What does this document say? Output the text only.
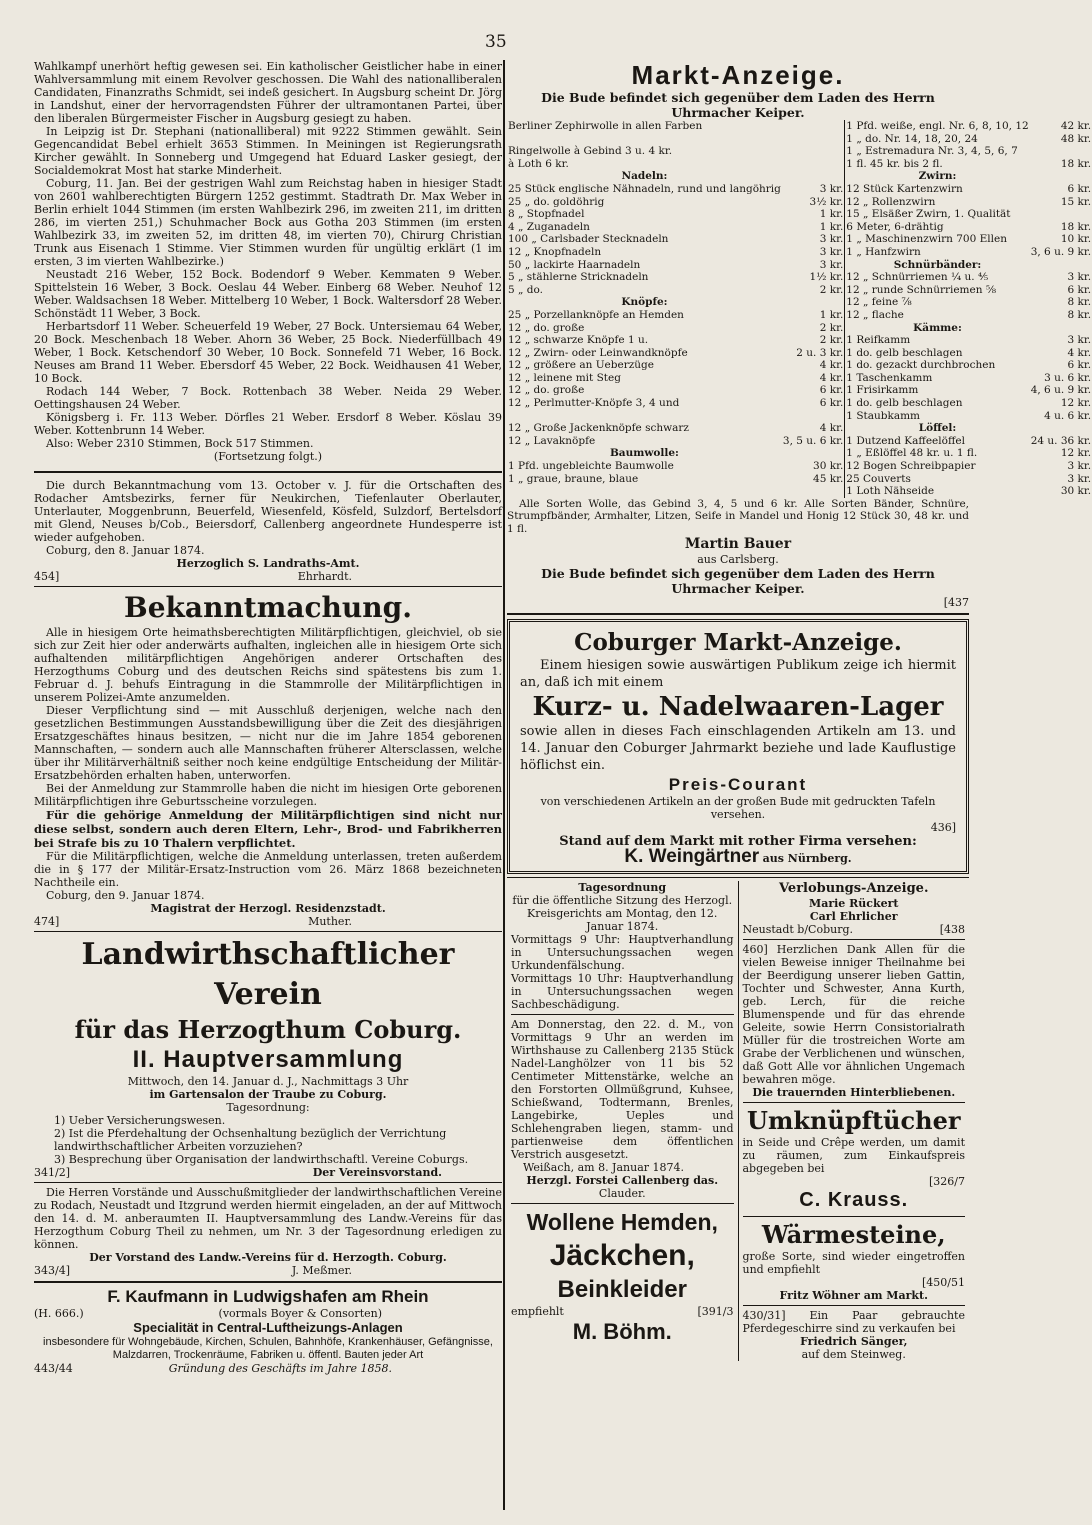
35
Wahlkampf unerhört heftig gewesen sei. Ein katholischer Geistlicher habe in einer Wahlversammlung mit einem Revolver geschossen. Die Wahl des nationalliberalen Candidaten, Finanzraths Schmidt, sei indeß gesichert. In Augsburg scheint Dr. Jörg in Landshut, einer der hervorragendsten Führer der ultramontanen Partei, über den liberalen Bürgermeister Fischer in Augsburg gesiegt zu haben.
In Leipzig ist Dr. Stephani (nationalliberal) mit 9222 Stimmen gewählt. Sein Gegencandidat Bebel erhielt 3653 Stimmen. In Meiningen ist Regierungsrath Kircher gewählt. In Sonneberg und Umgegend hat Eduard Lasker gesiegt, der Socialdemokrat Most hat starke Minderheit.
Coburg, 11. Jan. Bei der gestrigen Wahl zum Reichstag haben in hiesiger Stadt von 2601 wahlberechtigten Bürgern 1252 gestimmt. Stadtrath Dr. Max Weber in Berlin erhielt 1044 Stimmen (im ersten Wahlbezirk 296, im zweiten 211, im dritten 286, im vierten 251,) Schuhmacher Bock aus Gotha 203 Stimmen (im ersten Wahlbezirk 33, im zweiten 52, im dritten 48, im vierten 70), Chirurg Christian Trunk aus Eisenach 1 Stimme. Vier Stimmen wurden für ungültig erklärt (1 im ersten, 3 im vierten Wahlbezirke.)
Neustadt 216 Weber, 152 Bock. Bodendorf 9 Weber. Kemmaten 9 Weber. Spittelstein 16 Weber, 3 Bock. Oeslau 44 Weber. Einberg 68 Weber. Neuhof 12 Weber. Waldsachsen 18 Weber. Mittelberg 10 Weber, 1 Bock. Waltersdorf 28 Weber. Schönstädt 11 Weber, 3 Bock.
Herbartsdorf 11 Weber. Scheuerfeld 19 Weber, 27 Bock. Untersiemau 64 Weber, 20 Bock. Meschenbach 18 Weber. Ahorn 36 Weber, 25 Bock. Niederfüllbach 49 Weber, 1 Bock. Ketschendorf 30 Weber, 10 Bock. Sonnefeld 71 Weber, 16 Bock. Neuses am Brand 11 Weber. Ebersdorf 45 Weber, 22 Bock. Weidhausen 41 Weber, 10 Bock.
Rodach 144 Weber, 7 Bock. Rottenbach 38 Weber. Neida 29 Weber. Oettingshausen 24 Weber.
Königsberg i. Fr. 113 Weber. Dörfles 21 Weber. Ersdorf 8 Weber. Köslau 39 Weber. Kottenbrunn 14 Weber.
Also: Weber 2310 Stimmen, Bock 517 Stimmen.
(Fortsetzung folgt.)
Die durch Bekanntmachung vom 13. October v. J. für die Ortschaften des Rodacher Amtsbezirks, ferner für Neukirchen, Tiefenlauter Oberlauter, Unterlauter, Moggenbrunn, Beuerfeld, Wiesenfeld, Kösfeld, Sulzdorf, Bertelsdorf mit Glend, Neuses b/Cob., Beiersdorf, Callenberg angeordnete Hundesperre ist wieder aufgehoben.
Coburg, den 8. Januar 1874.
Herzoglich S. Landraths-Amt.
454]	Ehrhardt.
Bekanntmachung.
Alle in hiesigem Orte heimathsberechtigten Militärpflichtigen, gleichviel, ob sie sich zur Zeit hier oder anderwärts aufhalten, ingleichen alle in hiesigem Orte sich aufhaltenden militärpflichtigen Angehörigen anderer Ortschaften des Herzogthums Coburg und des deutschen Reichs sind spätestens bis zum 1. Februar d. J. behufs Eintragung in die Stammrolle der Militärpflichtigen in unserem Polizei-Amte anzumelden.
Dieser Verpflichtung sind — mit Ausschluß derjenigen, welche nach den gesetzlichen Bestimmungen Ausstandsbewilligung über die Zeit des diesjährigen Ersatzgeschäftes hinaus besitzen, — nicht nur die im Jahre 1854 geborenen Mannschaften, — sondern auch alle Mannschaften früherer Altersclassen, welche über ihr Militärverhältniß seither noch keine endgültige Entscheidung der Militär-Ersatzbehörden erhalten haben, unterworfen.
Bei der Anmeldung zur Stammrolle haben die nicht im hiesigen Orte geborenen Militärpflichtigen ihre Geburtsscheine vorzulegen.
Für die gehörige Anmeldung der Militärpflichtigen sind nicht nur diese selbst, sondern auch deren Eltern, Lehr-, Brod- und Fabrikherren bei Strafe bis zu 10 Thalern verpflichtet.
Für die Militärpflichtigen, welche die Anmeldung unterlassen, treten außerdem die in § 177 der Militär-Ersatz-Instruction vom 26. März 1868 bezeichneten Nachtheile ein.
Coburg, den 9. Januar 1874.
Magistrat der Herzogl. Residenzstadt.
474]	Muther.
Landwirthschaftlicher Verein
für das Herzogthum Coburg.
II. Hauptversammlung
Mittwoch, den 14. Januar d. J., Nachmittags 3 Uhr
im Gartensalon der Traube zu Coburg.
Tagesordnung:
1) Ueber Versicherungswesen.
2) Ist die Pferdehaltung der Ochsenhaltung bezüglich der Verrichtung landwirthschaftlicher Arbeiten vorzuziehen?
3) Besprechung über Organisation der landwirthschaftl. Vereine Coburgs.
341/2]	Der Vereinsvorstand.
Die Herren Vorstände und Ausschußmitglieder der landwirthschaftlichen Vereine zu Rodach, Neustadt und Itzgrund werden hiermit eingeladen, an der auf Mittwoch den 14. d. M. anberaumten II. Hauptversammlung des Landw.-Vereins für das Herzogthum Coburg Theil zu nehmen, um Nr. 3 der Tagesordnung erledigen zu können.
Der Vorstand des Landw.-Vereins für d. Herzogth. Coburg.
343/4]	J. Meßmer.
F. Kaufmann in Ludwigshafen am Rhein
(H. 666.)	(vormals Boyer & Consorten)
Specialität in Central-Luftheizungs-Anlagen
insbesondere für Wohngebäude, Kirchen, Schulen, Bahnhöfe, Krankenhäuser, Gefängnisse, Malzdarren, Trockenräume, Fabriken u. öffentl. Bauten jeder Art
443/44	Gründung des Geschäfts im Jahre 1858.
Markt-Anzeige.
Die Bude befindet sich gegenüber dem Laden des Herrn Uhrmacher Keiper.
Berliner Zephirwolle in allen Farben			1 Pfd. weiße, engl. Nr. 6, 8, 10, 12	42 kr.
			1 „ do. Nr. 14, 18, 20, 24	48 kr.
Ringelwolle à Gebind 3 u. 4 kr.			1 „ Estremadura Nr. 3, 4, 5, 6, 7	
à Loth 6 kr.			1 fl. 45 kr. bis 2 fl.	18 kr.
Nadeln:			Zwirn:	
25 Stück englische Nähnadeln, rund und langöhrig	3 kr.		12 Stück Kartenzwirn	6 kr.
25 „ do. goldöhrig	3½ kr.		12 „ Rollenzwirn	15 kr.
8 „ Stopfnadel	1 kr.		15 „ Elsäßer Zwirn, 1. Qualität	
4 „ Zuganadeln	1 kr.		6 Meter, 6-drähtig	18 kr.
100 „ Carlsbader Stecknadeln	3 kr.		1 „ Maschinenzwirn 700 Ellen	10 kr.
12 „ Knopfnadeln	3 kr.		1 „ Hanfzwirn	3, 6 u. 9 kr.
50 „ lackirte Haarnadeln	3 kr.		Schnürbänder:	
5 „ stählerne Stricknadeln	1½ kr.		12 „ Schnürriemen ¼ u. ⅘	3 kr.
5 „ do.	2 kr.		12 „ runde Schnürriemen ⅝	6 kr.
Knöpfe:			12 „ feine ⅞	8 kr.
25 „ Porzellanknöpfe an Hemden	1 kr.		12 „ flache	8 kr.
12 „ do. große	2 kr.		Kämme:	
12 „ schwarze Knöpfe 1 u.	2 kr.		1 Reifkamm	3 kr.
12 „ Zwirn- oder Leinwandknöpfe	2 u. 3 kr.		1 do. gelb beschlagen	4 kr.
12 „ größere an Ueberzüge	4 kr.		1 do. gezackt durchbrochen	6 kr.
12 „ leinene mit Steg	4 kr.		1 Taschenkamm	3 u. 6 kr.
12 „ do. große	6 kr.		1 Frisirkamm	4, 6 u. 9 kr.
12 „ Perlmutter-Knöpfe 3, 4 und	6 kr.		1 do. gelb beschlagen	12 kr.
			1 Staubkamm	4 u. 6 kr.
12 „ Große Jackenknöpfe schwarz	4 kr.		Löffel:	
12 „ Lavaknöpfe	3, 5 u. 6 kr.		1 Dutzend Kaffeelöffel	24 u. 36 kr.
Baumwolle:			1 „ Eßlöffel 48 kr. u. 1 fl.	12 kr.
1 Pfd. ungebleichte Baumwolle	30 kr.		12 Bogen Schreibpapier	3 kr.
1 „ graue, braune, blaue	45 kr.		25 Couverts	3 kr.
			1 Loth Nähseide	30 kr.
Alle Sorten Wolle, das Gebind 3, 4, 5 und 6 kr. Alle Sorten Bänder, Schnüre, Strumpfbänder, Armhalter, Litzen, Seife in Mandel und Honig 12 Stück 30, 48 kr. und 1 fl.
Martin Bauer
aus Carlsberg.
Die Bude befindet sich gegenüber dem Laden des Herrn Uhrmacher Keiper.
[437
Coburger Markt-Anzeige.
Einem hiesigen sowie auswärtigen Publikum zeige ich hiermit an, daß ich mit einem
Kurz- u. Nadelwaaren-Lager
sowie allen in dieses Fach einschlagenden Artikeln am 13. und 14. Januar den Coburger Jahrmarkt beziehe und lade Kauflustige höflichst ein.
Preis-Courant
von verschiedenen Artikeln an der großen Bude mit gedruckten Tafeln versehen.
436]
Stand auf dem Markt mit rother Firma versehen:
K. Weingärtner aus Nürnberg.
Tagesordnung
für die öffentliche Sitzung des Herzogl. Kreisgerichts am Montag, den 12. Januar 1874.
Vormittags 9 Uhr: Hauptverhandlung in Untersuchungssachen wegen Urkundenfälschung.
Vormittags 10 Uhr: Hauptverhandlung in Untersuchungssachen wegen Sachbeschädigung.
Am Donnerstag, den 22. d. M., von Vormittags 9 Uhr an werden im Wirthshause zu Callenberg 2135 Stück Nadel-Langhölzer von 11 bis 52 Centimeter Mittenstärke, welche an den Forstorten Ollmüßgrund, Kuhsee, Schießwand, Todtermann, Brenles, Langebirke, Ueples und Schlehengraben liegen, stamm- und partienweise dem öffentlichen Verstrich ausgesetzt.
Weißach, am 8. Januar 1874.
Herzgl. Forstei Callenberg das.
Clauder.
Wollene Hemden,
Jäckchen,
Beinkleider
empfiehlt	[391/3
M. Böhm.
Verlobungs-Anzeige.
Marie Rückert
Carl Ehrlicher
Neustadt b/Coburg.	[438
460] Herzlichen Dank Allen für die vielen Beweise inniger Theilnahme bei der Beerdigung unserer lieben Gattin, Tochter und Schwester, Anna Kurth, geb. Lerch, für die reiche Blumenspende und für das ehrende Geleite, sowie Herrn Consistorialrath Müller für die trostreichen Worte am Grabe der Verblichenen und wünschen, daß Gott Alle vor ähnlichen Ungemach bewahren möge.
Die trauernden Hinterbliebenen.
Umknüpftücher
in Seide und Crêpe werden, um damit zu räumen, zum Einkaufspreis abgegeben bei
[326/7
C. Krauss.
Wärmesteine,
große Sorte, sind wieder eingetroffen und empfiehlt
[450/51
Fritz Wöhner am Markt.
430/31] Ein Paar gebrauchte Pferdegeschirre sind zu verkaufen bei
Friedrich Sänger,
auf dem Steinweg.
